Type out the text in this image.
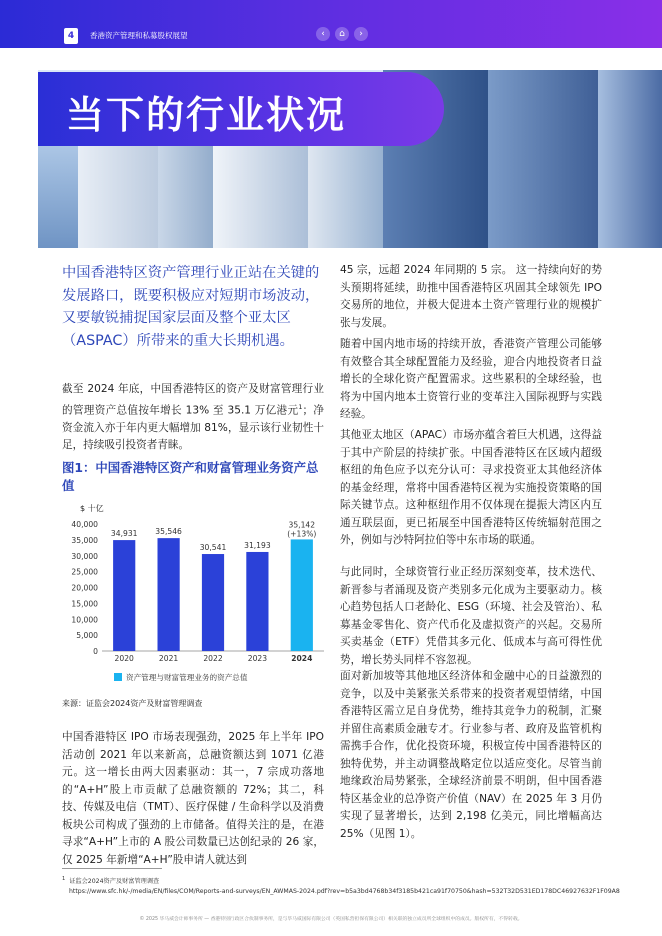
4	香港资产管理和私募股权展望	‹	⌂	›
当下的行业状况
中国香港特区资产管理行业正站在关键的发展路口，既要积极应对短期市场波动，又要敏锐捕捉国家层面及整个亚太区（ASPAC）所带来的重大长期机遇。
截至 2024 年底，中国香港特区的资产及财富管理行业的管理资产总值按年增长 13% 至 35.1 万亿港元$^1$；净资金流入亦于年内更大幅增加 81%，显示该行业韧性十足，持续吸引投资者青睐。
图1：中国香港特区资产和财富管理业务资产总值
$ 十亿
40,000
35,000
30,000
25,000
20,000
15,000
10,000
5,000
0
34,931
2020
35,546
2021
30,541
2022
31,193
2023
35,142
(+13%)
2024
资产管理与财富管理业务的资产总值
来源：证监会2024资产及财富管理调查
中国香港特区 IPO 市场表现强劲，2025 年上半年 IPO 活动创 2021 年以来新高，总融资额达到 1071 亿港元。这一增长由两大因素驱动：其一，7 宗成功落地的“A+H”股上市贡献了总融资额的 72%；其二，科技、传媒及电信（TMT）、医疗保健 / 生命科学以及消费板块公司构成了强劲的上市储备。值得关注的是，在港寻求“A+H”上市的 A 股公司数量已达创纪录的 26 家，仅 2025 年新增“A+H”股申请人就达到
45 宗，远超 2024 年同期的 5 宗。 这一持续向好的势头预期将延续，助推中国香港特区巩固其全球领先 IPO 交易所的地位，并极大促进本土资产管理行业的规模扩张与发展。
随着中国内地市场的持续开放，香港资产管理公司能够有效整合其全球配置能力及经验，迎合内地投资者日益增长的全球化资产配置需求。这些累积的全球经验，也将为中国内地本土资管行业的变革注入国际视野与实践经验。
其他亚太地区（APAC）市场亦蕴含着巨大机遇，这得益于其中产阶层的持续扩张。中国香港特区在区域内超级枢纽的角色应予以充分认可：寻求投资亚太其他经济体的基金经理，常将中国香港特区视为实施投资策略的国际关键节点。这种枢纽作用不仅体现在提振大湾区内互通互联层面，更已拓展至中国香港特区传统辐射范围之外，例如与沙特阿拉伯等中东市场的联通。
与此同时，全球资管行业正经历深刻变革，技术迭代、新晋参与者涌现及资产类别多元化成为主要驱动力。核心趋势包括人口老龄化、ESG（环境、社会及管治）、私募基金零售化、资产代币化及虚拟资产的兴起。交易所买卖基金（ETF）凭借其多元化、低成本与高可得性优势，增长势头同样不容忽视。
面对新加坡等其他地区经济体和金融中心的日益激烈的竞争，以及中美紧张关系带来的投资者观望情绪，中国香港特区需立足自身优势，维持其竞争力的税制，汇聚并留住高素质金融专才。行业参与者、政府及监管机构需携手合作，优化投资环境，积极宣传中国香港特区的独特优势，并主动调整战略定位以适应变化。尽管当前地缘政治局势紧张，全球经济前景不明朗，但中国香港特区基金业的总净资产价值（NAV）在 2025 年 3 月仍实现了显著增长，达到 2,198 亿美元，同比增幅高达 25%（见图 1）。
$^1$ 证监会2024资产及财富管理调查
https://www.sfc.hk/-/media/EN/files/COM/Reports-and-surveys/EN_AWMAS-2024.pdf?rev=b5a3bd4768b34f3185b421ca91f70750&hash=532T32D531ED178DC46927632F1F09A8
© 2025 毕马威会计师事务所 — 香港特别行政区合伙制事务所，是与毕马威国际有限公司（英国私营担保有限公司）相关联的独立成员所全球组织中的成员。版权所有，不得转载。
